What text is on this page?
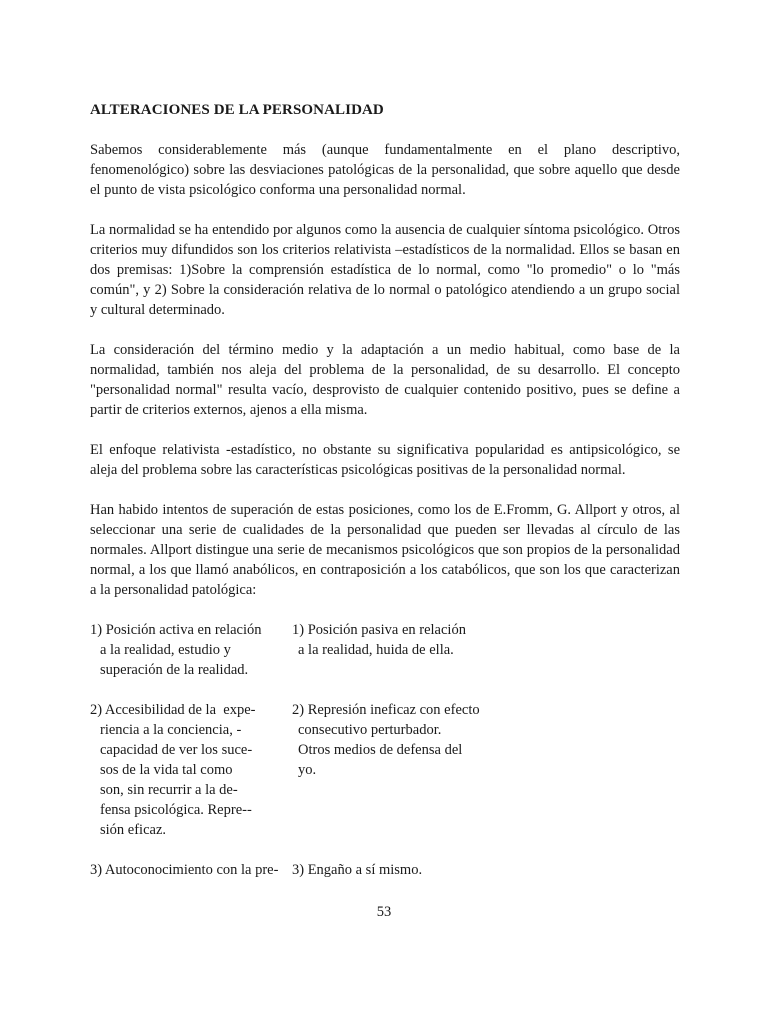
ALTERACIONES DE LA PERSONALIDAD

Sabemos considerablemente más (aunque fundamentalmente en el plano descriptivo, fenomenológico) sobre las desviaciones patológicas de la personalidad, que sobre aquello que desde el punto de vista psicológico conforma una personalidad normal.

La normalidad se ha entendido por algunos como la ausencia de cualquier síntoma psicológico. Otros criterios muy difundidos son los criterios relativista –estadísticos de la normalidad. Ellos se basan en dos premisas: 1)Sobre la comprensión estadística de lo normal, como "lo promedio" o lo "más común", y 2) Sobre la consideración relativa de lo normal o patológico atendiendo a un grupo social y cultural determinado.

La consideración del término medio y la adaptación a un medio habitual, como base de la normalidad, también nos aleja del problema de la personalidad, de su desarrollo. El concepto "personalidad normal" resulta vacío, desprovisto de cualquier contenido positivo, pues se define a partir de criterios externos, ajenos a ella misma.

El enfoque relativista -estadístico, no obstante su significativa popularidad es antipsicológico, se aleja del problema sobre las características psicológicas positivas de la personalidad normal.

Han habido intentos de superación de estas posiciones, como los de E.Fromm, G. Allport y otros, al seleccionar una serie de cualidades de la personalidad que pueden ser llevadas al círculo de las normales. Allport distingue una serie de mecanismos psicológicos que son propios de la personalidad normal, a los que llamó anabólicos, en contraposición a los catabólicos, que son los que caracterizan a la personalidad patológica:

1) Posición activa en relación
a la realidad, estudio y
superación de la realidad.
1) Posición pasiva en relación
a la realidad, huida de ella.
2) Accesibilidad de la  expe-
riencia a la conciencia, -
capacidad de ver los suce-
sos de la vida tal como
son, sin recurrir a la de-
fensa psicológica. Repre--
sión eficaz.
2) Represión ineficaz con efecto
consecutivo perturbador.
Otros medios de defensa del
yo.
3) Autoconocimiento con la pre- 3) Engaño a sí mismo.
53
